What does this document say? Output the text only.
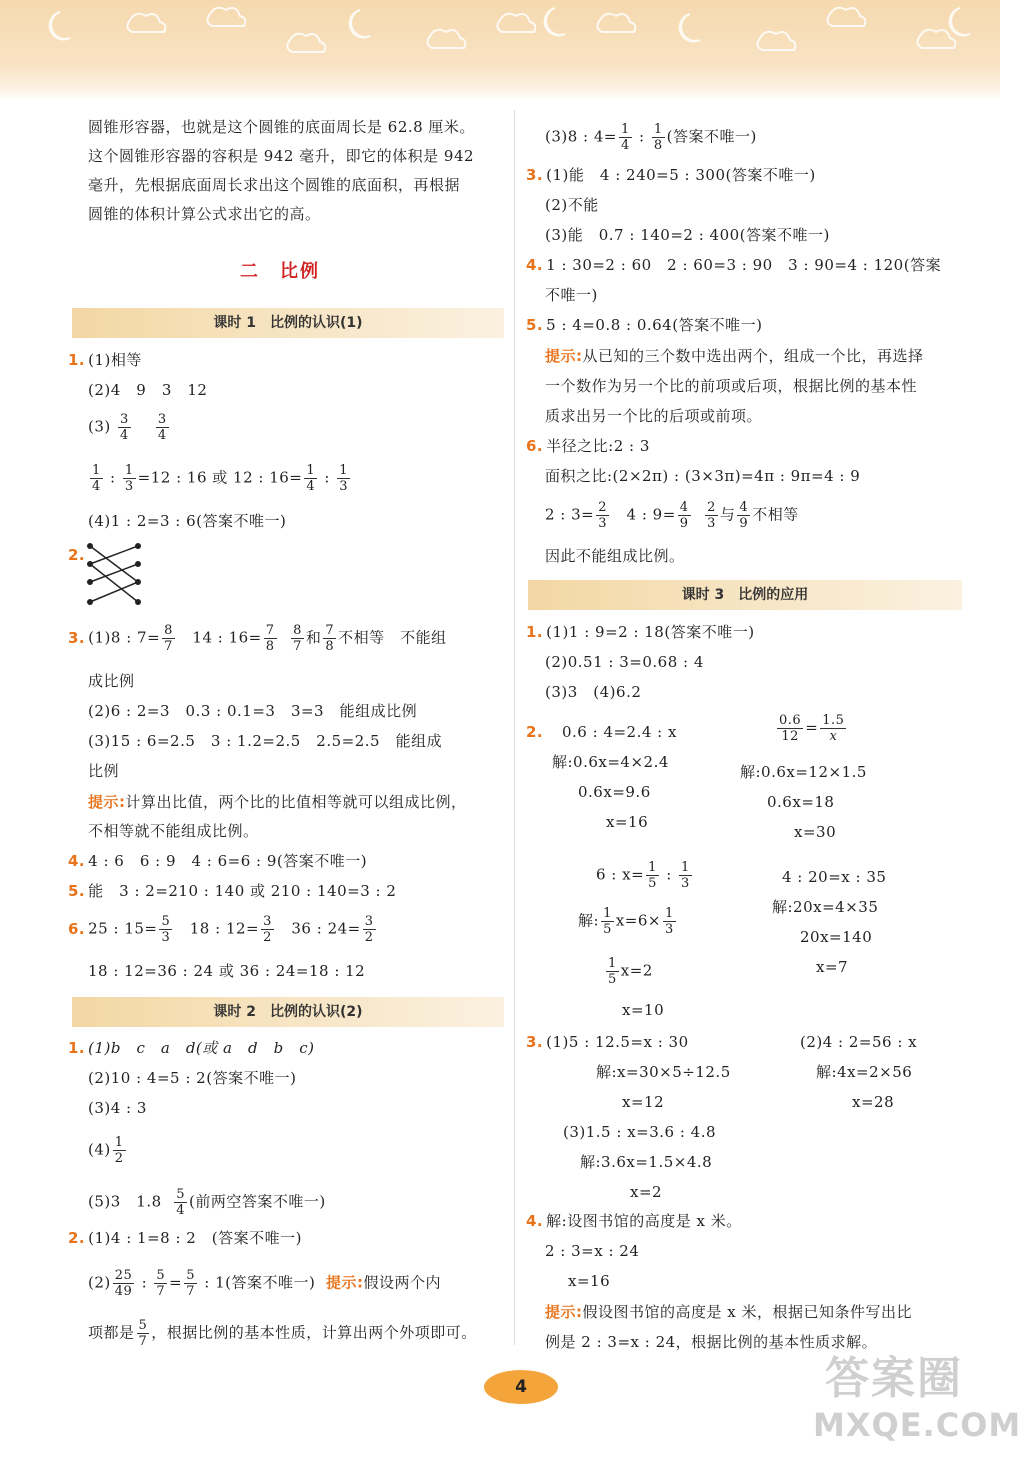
圆锥形容器，也就是这个圆锥的底面周长是 62.8 厘米。
这个圆锥形容器的容积是 942 毫升，即它的体积是 942
毫升，先根据底面周长求出这个圆锥的底面积，再根据
圆锥的体积计算公式求出它的高。
二　比例
课时 1　比例的认识(1)
1. (1)相等
(2)4　9　3　12
$(3) \frac{3}{4}$
$\frac{3}{4}$
$\frac{1}{4}$ : $\frac{1}{3} =12$ : 16 或 12 : $16= \frac{1}{4}$ : $\frac{1}{3}$
(4)1 : 2=3 : 6(答案不唯一)
2.
3. (1)8 : $7= \frac{8}{7}$ 　14 : $16= \frac{7}{8}$
$\frac{8}{7}$ 和 $\frac{7}{8}$ 不相等　不能组
成比例
(2)6 : 2=3　0.3 : 0.1=3　3=3　能组成比例
(3)15 : 6=2.5　3 : 1.2=2.5　2.5=2.5　能组成
比例
提示:计算出比值，两个比的比值相等就可以组成比例，
不相等就不能组成比例。
4. 4 : 6　6 : 9　4 : 6=6 : 9(答案不唯一)
5. 能　3 : 2=210 : 140 或 210 : 140=3 : 2
6. 25 : $15= \frac{5}{3}$ 　18 : $12= \frac{3}{2}$ 　36 : $24= \frac{3}{2}$
18 : 12=36 : 24 或 36 : 24=18 : 12
课时 2　比例的认识(2)
1. (1)b　c　a　d(或 a　d　b　c)
(2)10 : 4=5 : 2(答案不唯一)
(3)4 : 3
$(4) \frac{1}{2}$
(5)3　$1.8 \frac{5}{4}$ (前两空答案不唯一)
2. (1)4 : 1=8 : 2　(答案不唯一)
$(2) \frac{25}{49}$ : $\frac{5}{7} = \frac{5}{7}$ : 1(答案不唯一) 提示:假设两个内
项都是 $\frac{5}{7}$ ，根据比例的基本性质，计算出两个外项即可。
(3)8 : $4= \frac{1}{4}$ : $\frac{1}{8}$ (答案不唯一)
3. (1)能　4 : 240=5 : 300(答案不唯一)
(2)不能
(3)能　0.7 : 140=2 : 400(答案不唯一)
4. 1 : 30=2 : 60　2 : 60=3 : 90　3 : 90=4 : 120(答案
不唯一)
5. 5 : 4=0.8 : 0.64(答案不唯一)
提示:从已知的三个数中选出两个，组成一个比，再选择
一个数作为另一个比的前项或后项，根据比例的基本性
质求出另一个比的后项或前项。
6. 半径之比:2 : 3
面积之比:(2×2π) : (3×3π)=4π : 9π=4 : 9
2 : $3= \frac{2}{3}$ 　4 : $9= \frac{4}{9}$
$\frac{2}{3}$ 与 $\frac{4}{9}$ 不相等
因此不能组成比例。
课时 3　比例的应用
1. (1)1 : 9=2 : 18(答案不唯一)
(2)0.51 : 3=0.68 : 4
(3)3　(4)6.2
2. 0.6 : 4=2.4 : x
解:0.6x=4×2.4
0.6x=9.6
x=16
$\frac{0.6}{12} = \frac{1.5}{x}$
解:0.6x=12×1.5
0.6x=18
x=30
6 : $x= \frac{1}{5}$ : $\frac{1}{3}$
解: $\frac{1}{5} x=6\times \frac{1}{3}$
$\frac{1}{5} x=2$
x=10
4 : 20=x : 35
解:20x=4×35
20x=140
x=7
3. (1)5 : 12.5=x : 30
解:x=30×5÷12.5
x=12
(2)4 : 2=56 : x
解:4x=2×56
x=28
(3)1.5 : x=3.6 : 4.8
解:3.6x=1.5×4.8
x=2
4. 解:设图书馆的高度是 x 米。
2 : 3=x : 24
x=16
提示:假设图书馆的高度是 x 米，根据已知条件写出比
例是 2 : 3=x : 24，根据比例的基本性质求解。
4	答案圈
MXQE.COM
